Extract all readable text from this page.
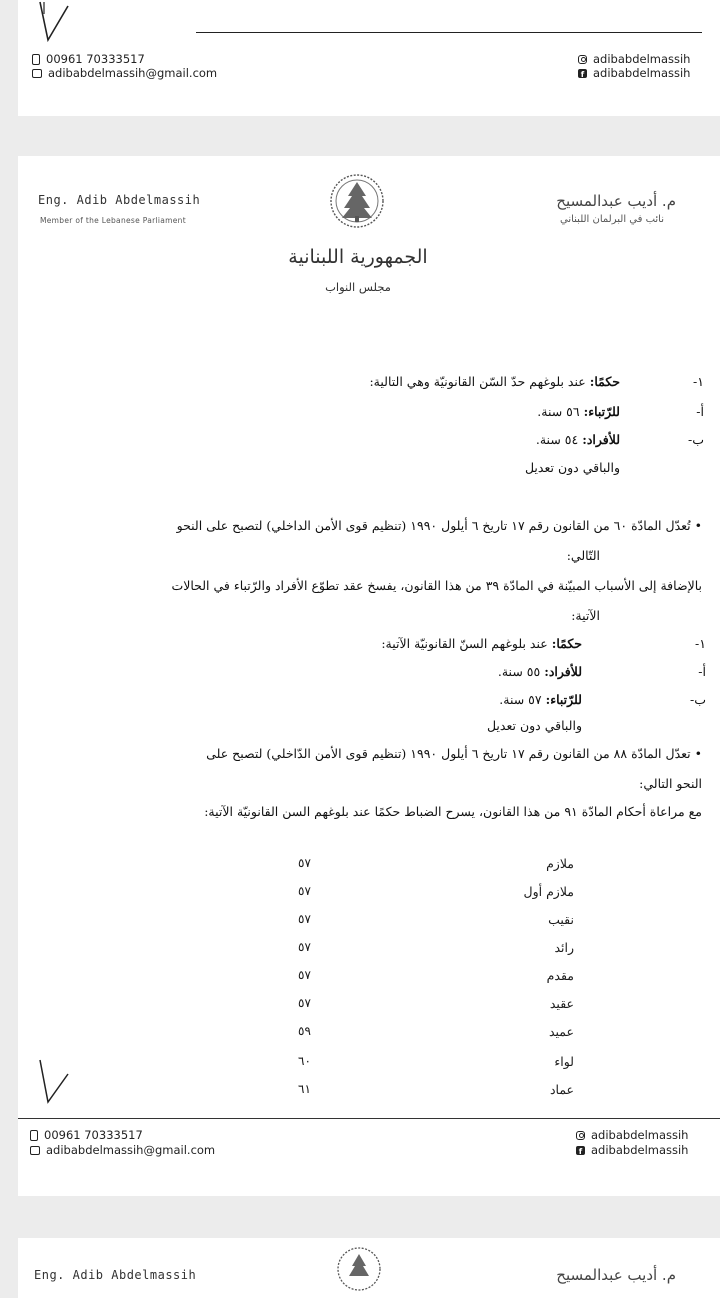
00961 70333517
adibabdelmassih@gmail.com
adibabdelmassih
f adibabdelmassih
Eng. Adib Abdelmassih
Member of the Lebanese Parliament
م. أديب عبدالمسيح
نائب في البرلمان اللبناني
الجمهورية اللبنانية
مجلس النواب
١-
حكمًا: عند بلوغهم حدّ السّن القانونيّة وهي التالية:
أ-
للرّتباء: ٥٦ سنة.
ب-
للأفراد: ٥٤ سنة.
والباقي دون تعديل
• تُعدّل المادّة ٦٠ من القانون رقم ١٧ تاريخ ٦ أيلول ١٩٩٠ (تنظيم قوى الأمن الداخلي) لتصبح على النحو
التّالي:
بالإضافة إلى الأسباب المبيّنة في المادّة ٣٩ من هذا القانون، يفسخ عقد تطوّع الأفراد والرّتباء في الحالات
الآتية:
١-
حكمًا: عند بلوغهم السنّ القانونيّة الآتية:
أ-
للأفراد: ٥٥ سنة.
ب-
للرّتباء: ٥٧ سنة.
والباقي دون تعديل
• تعدّل المادّة ٨٨ من القانون رقم ١٧ تاريخ ٦ أيلول ١٩٩٠ (تنظيم قوى الأمن الدّاخلي) لتصبح على
النحو التالي:
مع مراعاة أحكام المادّة ٩١ من هذا القانون، يسرح الضباط حكمًا عند بلوغهم السن القانونيّة الآتية:
ملازم
٥٧
ملازم أول
٥٧
نقيب
٥٧
رائد
٥٧
مقدم
٥٧
عقيد
٥٧
عميد
٥٩
لواء
٦٠
عماد
٦١
00961 70333517
adibabdelmassih@gmail.com
adibabdelmassih
f adibabdelmassih
Eng. Adib Abdelmassih	م. أديب عبدالمسيح
